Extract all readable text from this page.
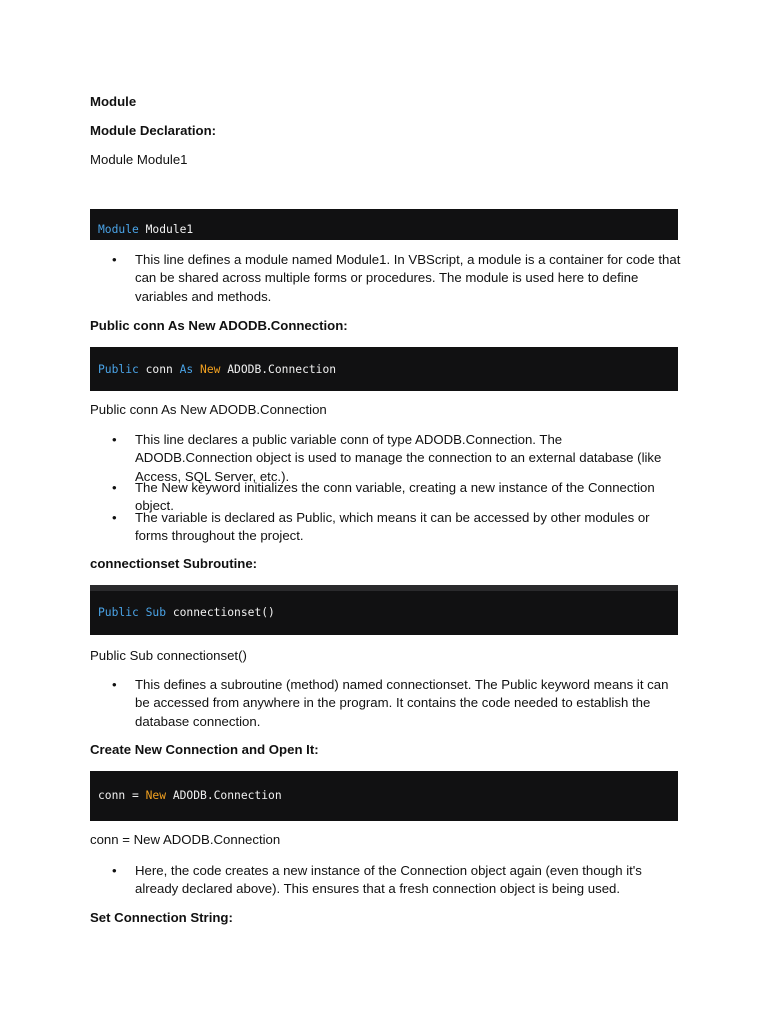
Module
Module Declaration:
Module Module1
Module Module1
•	This line defines a module named Module1. In VBScript, a module is a container for code that can be shared across multiple forms or procedures. The module is used here to define variables and methods.
Public conn As New ADODB.Connection:
Public conn As New ADODB.Connection
Public conn As New ADODB.Connection
•	This line declares a public variable conn of type ADODB.Connection. The ADODB.Connection object is used to manage the connection to an external database (like Access, SQL Server, etc.).
•	The New keyword initializes the conn variable, creating a new instance of the Connection object.
•	The variable is declared as Public, which means it can be accessed by other modules or forms throughout the project.
connectionset Subroutine:
Public Sub connectionset()
Public Sub connectionset()
•	This defines a subroutine (method) named connectionset. The Public keyword means it can be accessed from anywhere in the program. It contains the code needed to establish the database connection.
Create New Connection and Open It:
conn = New ADODB.Connection
conn = New ADODB.Connection
•	Here, the code creates a new instance of the Connection object again (even though it's already declared above). This ensures that a fresh connection object is being used.
Set Connection String:
